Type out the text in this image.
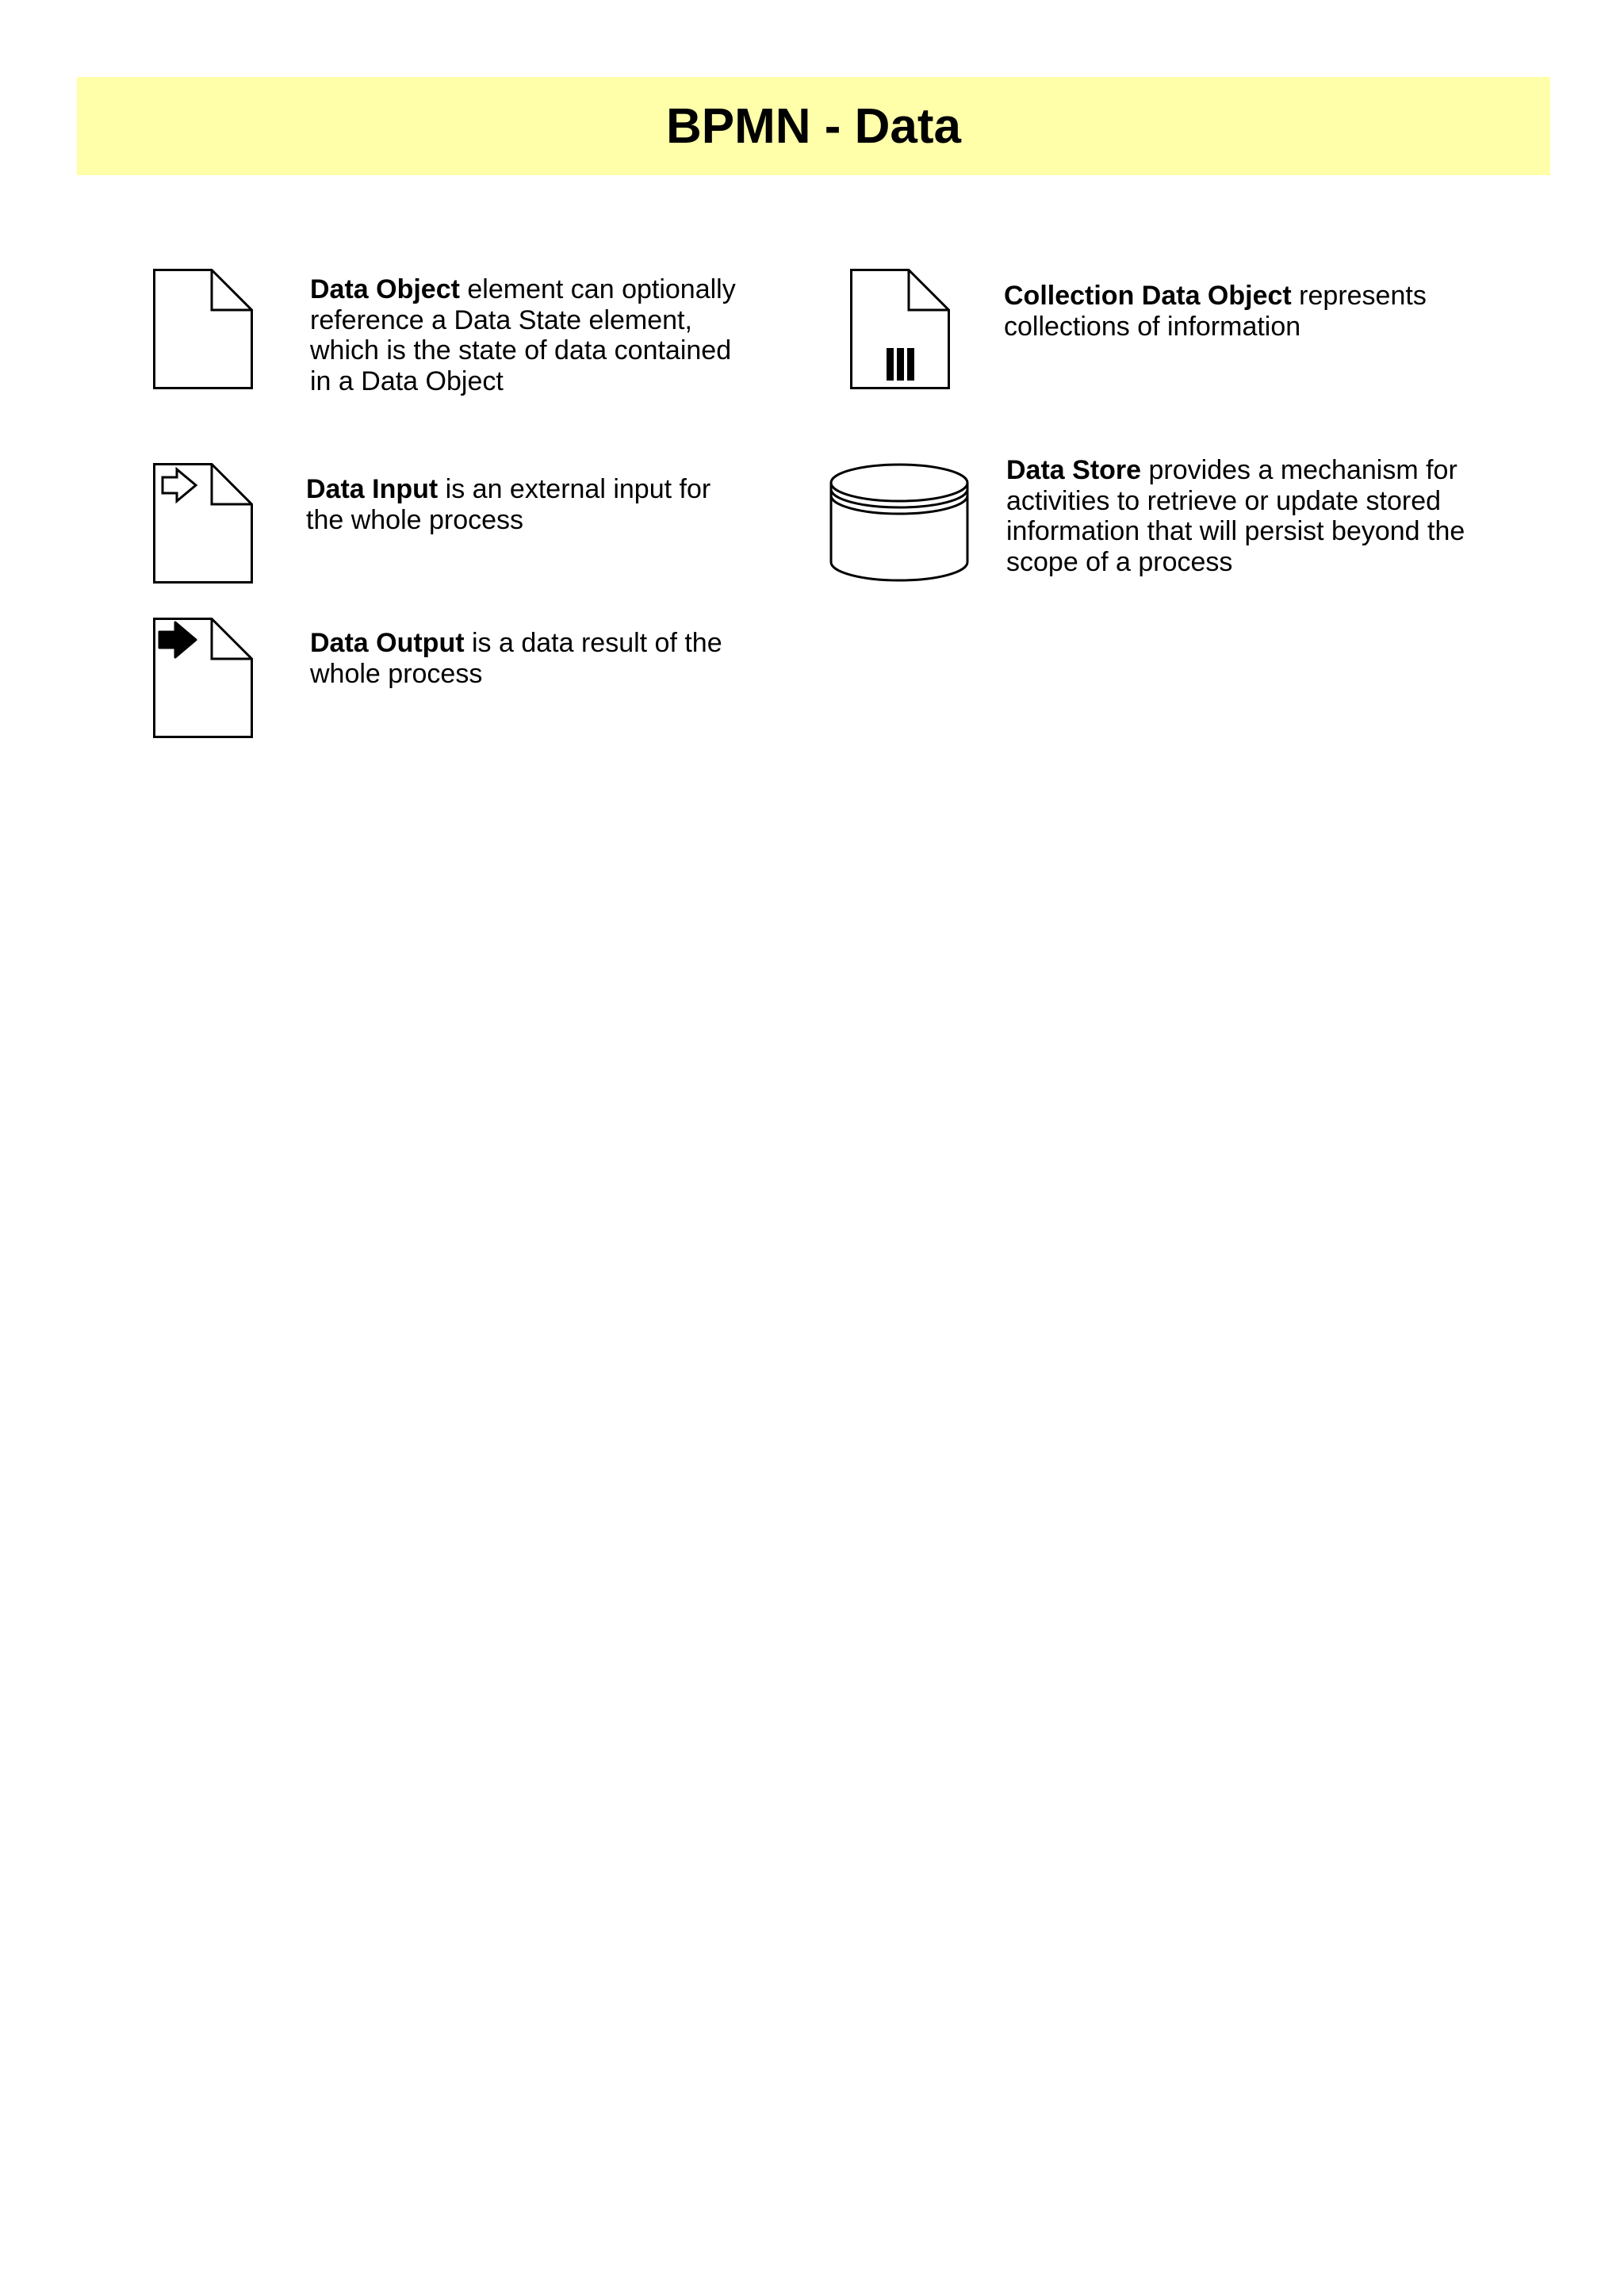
BPMN - Data
Data Object element can optionally reference a Data State element, which is the state of data contained in a Data Object
Collection Data Object represents collections of information
Data Input is an external input for the whole process
Data Store provides a mechanism for activities to retrieve or update stored information that will persist beyond the scope of a process
Data Output is a data result of the whole process
